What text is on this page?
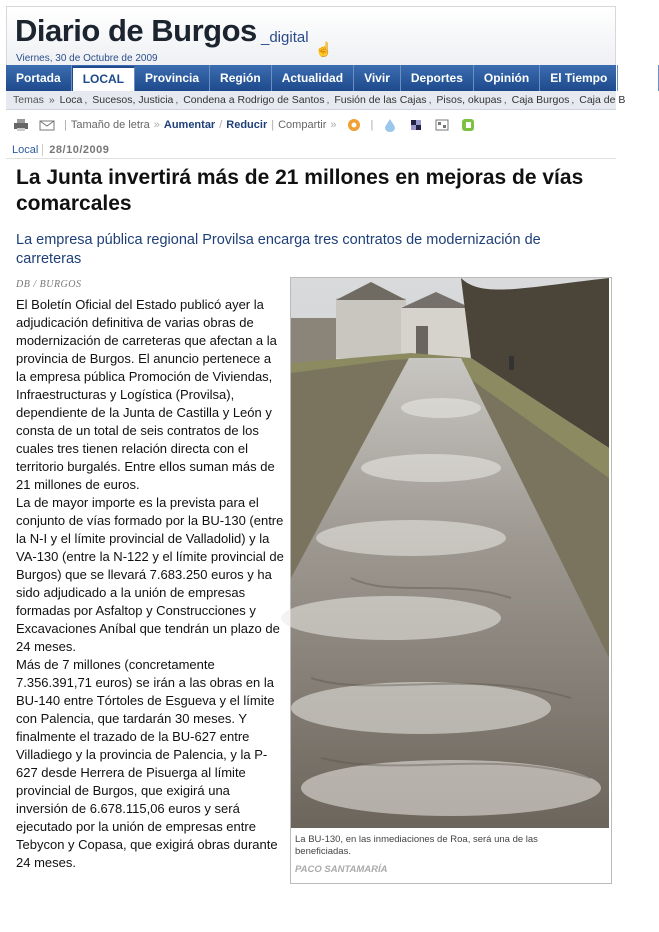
Diario de Burgos _digital
☝
Viernes, 30 de Octubre de 2009
Portada	LOCAL	Provincia	Región	Actualidad	Vivir	Deportes	Opinión	El Tiempo	Gal
Temas » Loca , Sucesos, Justicia , Condena a Rodrigo de Santos , Fusión de las Cajas , Pisos, okupas , Caja Burgos , Caja de B
| Tamaño de letra » Aumentar / Reducir | Compartir »	|
Local	28/10/2009
La Junta invertirá más de 21 millones en mejoras de vías comarcales
La empresa pública regional Provilsa encarga tres contratos de modernización de carreteras
DB / BURGOS

El Boletín Oficial del Estado publicó ayer la adjudicación definitiva de varias obras de modernización de carreteras que afectan a la provincia de Burgos. El anuncio pertenece a la empresa pública Promoción de Viviendas, Infraestructuras y Logística (Provilsa), dependiente de la Junta de Castilla y León y consta de un total de seis contratos de los cuales tres tienen relación directa con el territorio burgalés. Entre ellos suman más de 21 millones de euros.

La de mayor importe es la prevista para el conjunto de vías formado por la BU-130 (entre la N-I y el límite provincial de Valladolid) y la VA-130 (entre la N-122 y el límite provincial de Burgos) que se llevará 7.683.250 euros y ha sido adjudicado a la unión de empresas formadas por Asfaltop y Construcciones y Excavaciones Aníbal que tendrán un plazo de 24 meses.

Más de 7 millones (concretamente 7.356.391,71 euros) se irán a las obras en la BU-140 entre Tórtoles de Esgueva y el límite con Palencia, que tardarán 30 meses. Y finalmente el trazado de la BU-627 entre Villadiego y la provincia de Palencia, y la P-627 desde Herrera de Pisuerga al límite provincial de Burgos, que exigirá una inversión de 6.678.115,06 euros y será ejecutado por la unión de empresas entre Tebycon y Copasa, que exigirá obras durante 24 meses.

La BU-130, en las inmediaciones de Roa, será una de las beneficiadas.
PACO SANTAMARÍA
